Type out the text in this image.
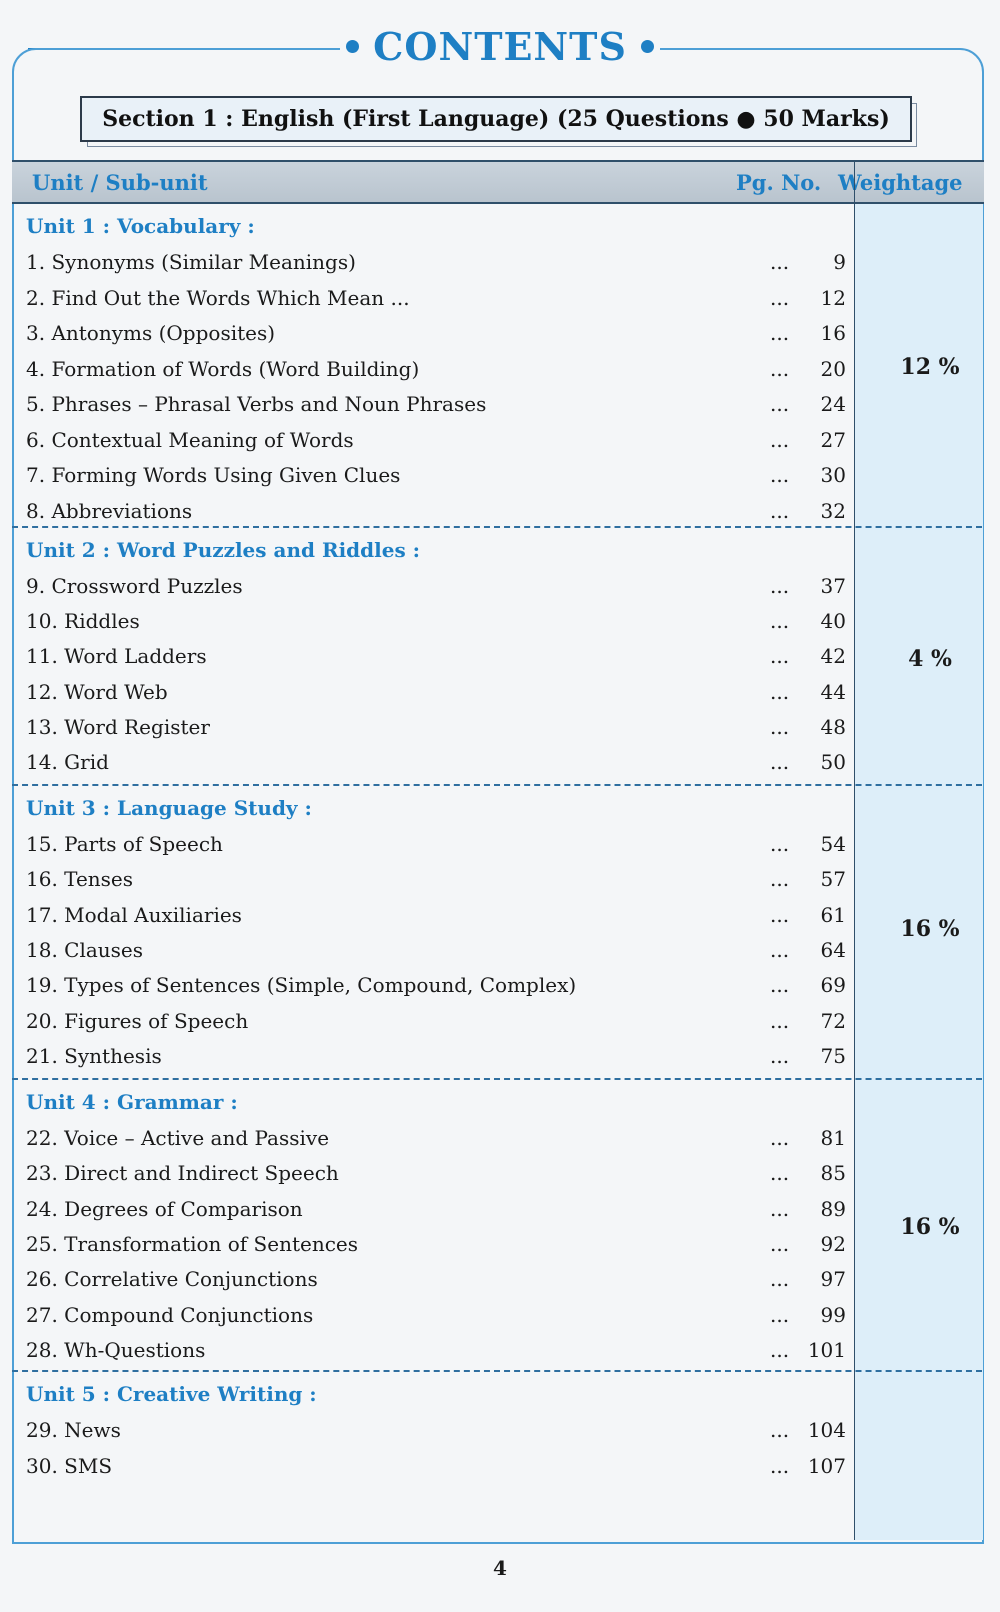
CONTENTS
Section 1 : English (First Language) (25 Questions ● 50 Marks)
Unit / Sub-unit	Pg. No. Weightage
Unit 1 : Vocabulary :
1. Synonyms (Similar Meanings)	...	9
2. Find Out the Words Which Mean ...	...	12
3. Antonyms (Opposites)	...	16
4. Formation of Words (Word Building)	...	20
5. Phrases – Phrasal Verbs and Noun Phrases	...	24
6. Contextual Meaning of Words	...	27
7. Forming Words Using Given Clues	...	30
8. Abbreviations	...	32
12 %
Unit 2 : Word Puzzles and Riddles :
9. Crossword Puzzles	...	37
10. Riddles	...	40
11. Word Ladders	...	42
12. Word Web	...	44
13. Word Register	...	48
14. Grid	...	50
4 %
Unit 3 : Language Study :
15. Parts of Speech	...	54
16. Tenses	...	57
17. Modal Auxiliaries	...	61
18. Clauses	...	64
19. Types of Sentences (Simple, Compound, Complex)	...	69
20. Figures of Speech	...	72
21. Synthesis	...	75
16 %
Unit 4 : Grammar :
22. Voice – Active and Passive	...	81
23. Direct and Indirect Speech	...	85
24. Degrees of Comparison	...	89
25. Transformation of Sentences	...	92
26. Correlative Conjunctions	...	97
27. Compound Conjunctions	...	99
28. Wh-Questions	... 101
16 %
Unit 5 : Creative Writing :
29. News	... 104
30. SMS	... 107
4
